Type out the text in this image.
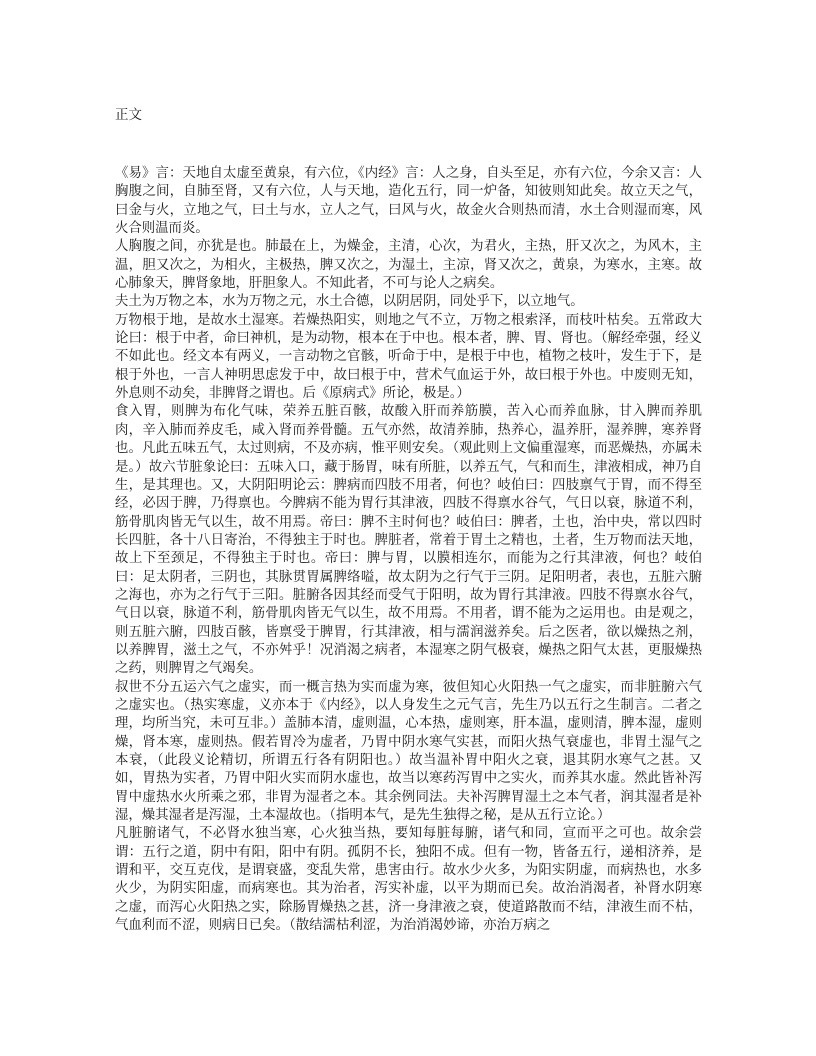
正文

《易》言：天地自太虚至黄泉，有六位，《内经》言：人之身，自头至足，亦有六位，今余又言：人胸腹之间，自肺至肾，又有六位，人与天地，造化五行，同一炉备，知彼则知此矣。故立天之气，曰金与火，立地之气，曰土与水，立人之气，曰风与火，故金火合则热而清，水土合则湿而寒，风火合则温而炎。

人胸腹之间，亦犹是也。肺最在上，为燥金，主清，心次，为君火，主热，肝又次之，为风木，主温，胆又次之，为相火，主极热，脾又次之，为湿土，主凉，肾又次之，黄泉，为寒水，主寒。故心肺象天，脾肾象地，肝胆象人。不知此者，不可与论人之病矣。

夫土为万物之本，水为万物之元，水土合德，以阴居阴，同处乎下，以立地气。

万物根于地，是故水土湿寒。若燥热阳实，则地之气不立，万物之根索泽，而枝叶枯矣。五常政大论曰：根于中者，命曰神机，是为动物，根本在于中也。根本者，脾、胃、肾也。（解经牵强，经义不如此也。经文本有两义，一言动物之官骸，听命于中，是根于中也，植物之枝叶，发生于下，是根于外也，一言人神明思虑发于中，故曰根于中，营术气血运于外，故曰根于外也。中废则无知，外息则不动矣，非脾肾之谓也。后《原病式》所论，极是。）

食入胃，则脾为布化气味，荣养五脏百骸，故酸入肝而养筋膜，苦入心而养血脉，甘入脾而养肌肉，辛入肺而养皮毛，咸入肾而养骨髓。五气亦然，故清养肺，热养心，温养肝，湿养脾，寒养肾也。凡此五味五气，太过则病，不及亦病，惟平则安矣。（观此则上文偏重湿寒，而恶燥热，亦属未是。）故六节脏象论曰：五味入口，藏于肠胃，味有所脏，以养五气，气和而生，津液相成，神乃自生，是其理也。又，大阴阳明论云：脾病而四肢不用者，何也？岐伯曰：四肢禀气于胃，而不得至经，必因于脾，乃得禀也。今脾病不能为胃行其津液，四肢不得禀水谷气，气日以衰，脉道不利，筋骨肌肉皆无气以生，故不用焉。帝曰：脾不主时何也？岐伯曰：脾者，土也，治中央，常以四时长四脏，各十八日寄治，不得独主于时也。脾脏者，常着于胃土之精也，土者，生万物而法天地，故上下至颈足，不得独主于时也。帝曰：脾与胃，以膜相连尔，而能为之行其津液，何也？岐伯曰：足太阴者，三阴也，其脉贯胃属脾络嗌，故太阴为之行气于三阴。足阳明者，表也，五脏六腑之海也，亦为之行气于三阳。脏腑各因其经而受气于阳明，故为胃行其津液。四肢不得禀水谷气，气日以衰，脉道不利，筋骨肌肉皆无气以生，故不用焉。不用者，谓不能为之运用也。由是观之，则五脏六腑，四肢百骸，皆禀受于脾胃，行其津液，相与濡润滋养矣。后之医者，欲以燥热之剂，以养脾胃，滋土之气，不亦舛乎！况消渴之病者，本湿寒之阴气极衰，燥热之阳气太甚，更服燥热之药，则脾胃之气竭矣。

叔世不分五运六气之虚实，而一概言热为实而虚为寒，彼但知心火阳热一气之虚实，而非脏腑六气之虚实也。（热实寒虚，义亦本于《内经》，以人身发生之元气言，先生乃以五行之生制言。二者之理，均所当究，未可互非。）盖肺本清，虚则温，心本热，虚则寒，肝本温，虚则清，脾本湿，虚则燥，肾本寒，虚则热。假若胃冷为虚者，乃胃中阴水寒气实甚，而阳火热气衰虚也，非胃土湿气之本衰，（此段义论精切，所谓五行各有阴阳也。）故当温补胃中阳火之衰，退其阴水寒气之甚。又如，胃热为实者，乃胃中阳火实而阴水虚也，故当以寒药泻胃中之实火，而养其水虚。然此皆补泻胃中虚热水火所乘之邪，非胃为湿者之本。其余例同法。夫补泻脾胃湿土之本气者，润其湿者是补湿，燥其湿者是泻湿，土本湿故也。（指明本气，是先生独得之秘，是从五行立论。）

凡脏腑诸气，不必肾水独当寒，心火独当热，要知每脏每腑，诸气和同，宣而平之可也。故余尝谓：五行之道，阴中有阳，阳中有阴。孤阴不长，独阳不成。但有一物，皆备五行，递相济养，是谓和平，交互克伐，是谓衰盛，变乱失常，患害由行。故水少火多，为阳实阴虚，而病热也，水多火少，为阴实阳虚，而病寒也。其为治者，泻实补虚，以平为期而已矣。故治消渴者，补肾水阴寒之虚，而泻心火阳热之实，除肠胃燥热之甚，济一身津液之衰，使道路散而不结，津液生而不枯，气血利而不涩，则病日已矣。（散结濡枯利涩，为治消渴妙谛，亦治万病之
